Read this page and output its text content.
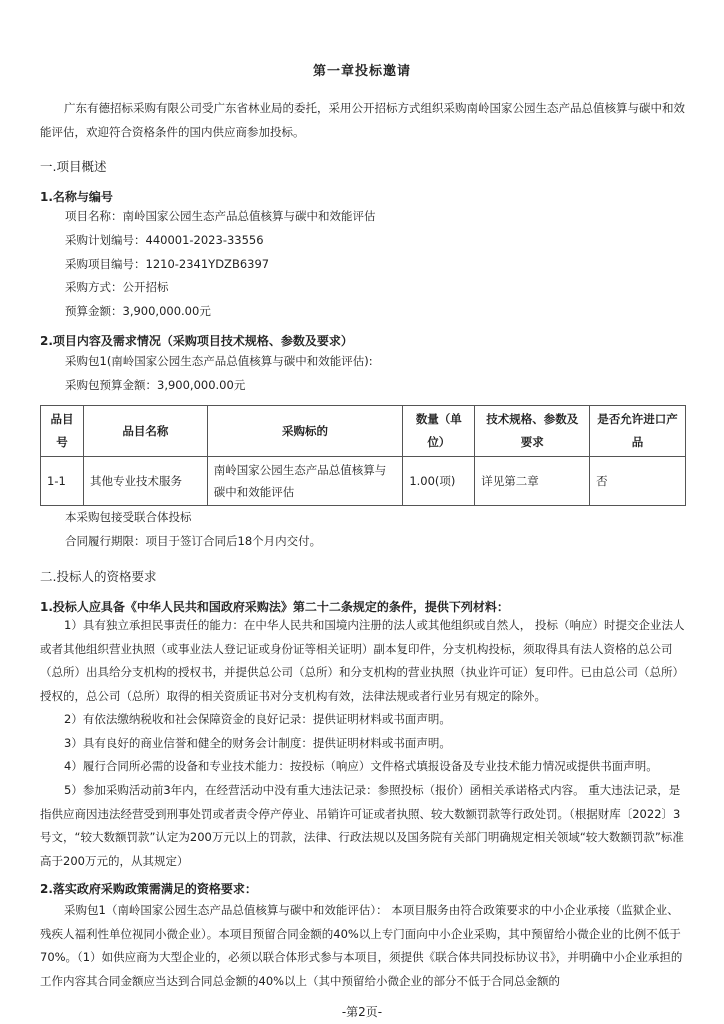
第一章投标邀请
广东有德招标采购有限公司受广东省林业局的委托，采用公开招标方式组织采购南岭国家公园生态产品总值核算与碳中和效能评估，欢迎符合资格条件的国内供应商参加投标。
一.项目概述
1.名称与编号
项目名称：南岭国家公园生态产品总值核算与碳中和效能评估
采购计划编号：440001-2023-33556
采购项目编号：1210-2341YDZB6397
采购方式：公开招标
预算金额：3,900,000.00元
2.项目内容及需求情况（采购项目技术规格、参数及要求）
采购包1(南岭国家公园生态产品总值核算与碳中和效能评估):
采购包预算金额：3,900,000.00元
品目号	品目名称	采购标的	数量（单位）	技术规格、参数及要求	是否允许进口产品
1-1	其他专业技术服务	南岭国家公园生态产品总值核算与碳中和效能评估	1.00(项)	详见第二章	否
本采购包接受联合体投标
合同履行期限：项目于签订合同后18个月内交付。
二.投标人的资格要求
1.投标人应具备《中华人民共和国政府采购法》第二十二条规定的条件，提供下列材料：
1）具有独立承担民事责任的能力：在中华人民共和国境内注册的法人或其他组织或自然人， 投标（响应）时提交企业法人或者其他组织营业执照（或事业法人登记证或身份证等相关证明）副本复印件，分支机构投标，须取得具有法人资格的总公司（总所）出具给分支机构的授权书，并提供总公司（总所）和分支机构的营业执照（执业许可证）复印件。已由总公司（总所）授权的，总公司（总所）取得的相关资质证书对分支机构有效，法律法规或者行业另有规定的除外。
2）有依法缴纳税收和社会保障资金的良好记录：提供证明材料或书面声明。
3）具有良好的商业信誉和健全的财务会计制度：提供证明材料或书面声明。
4）履行合同所必需的设备和专业技术能力：按投标（响应）文件格式填报设备及专业技术能力情况或提供书面声明。
5）参加采购活动前3年内，在经营活动中没有重大违法记录：参照投标（报价）函相关承诺格式内容。 重大违法记录，是指供应商因违法经营受到刑事处罚或者责令停产停业、吊销许可证或者执照、较大数额罚款等行政处罚。（根据财库〔2022〕3号文，“较大数额罚款”认定为200万元以上的罚款，法律、行政法规以及国务院有关部门明确规定相关领域“较大数额罚款”标准高于200万元的，从其规定）
2.落实政府采购政策需满足的资格要求：
采购包1（南岭国家公园生态产品总值核算与碳中和效能评估）： 本项目服务由符合政策要求的中小企业承接（监狱企业、残疾人福利性单位视同小微企业）。本项目预留合同金额的40%以上专门面向中小企业采购，其中预留给小微企业的比例不低于70%。（1）如供应商为大型企业的，必须以联合体形式参与本项目，须提供《联合体共同投标协议书》，并明确中小企业承担的工作内容其合同金额应当达到合同总金额的40%以上（其中预留给小微企业的部分不低于合同总金额的
-第2页-
